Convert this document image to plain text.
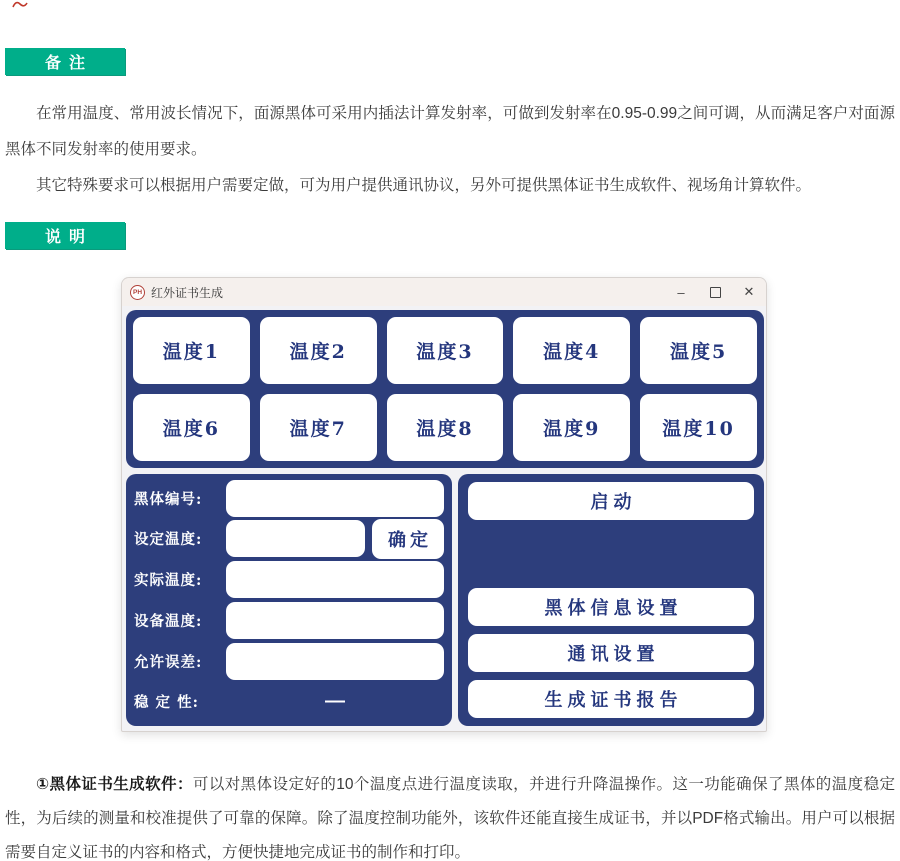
备注

在常用温度、常用波长情况下，面源黑体可采用内插法计算发射率，可做到发射率在0.95-0.99之间可调，从而满足客户对面源黑体不同发射率的使用要求。

其它特殊要求可以根据用户需要定做，可为用户提供通讯协议，另外可提供黑体证书生成软件、视场角计算软件。

说明
PH 红外证书生成	–	✕
温度1	温度2	温度3	温度4	温度5
温度6	温度7	温度8	温度9	温度10
黑体编号:
设定温度:	确定
实际温度:
设备温度:
允许误差:
稳 定 性:	—
启动
黑体信息设置
通讯设置
生成证书报告

①黑体证书生成软件：可以对黑体设定好的10个温度点进行温度读取，并进行升降温操作。这一功能确保了黑体的温度稳定性，为后续的测量和校准提供了可靠的保障。除了温度控制功能外，该软件还能直接生成证书，并以PDF格式输出。用户可以根据需要自定义证书的内容和格式，方便快捷地完成证书的制作和打印。
